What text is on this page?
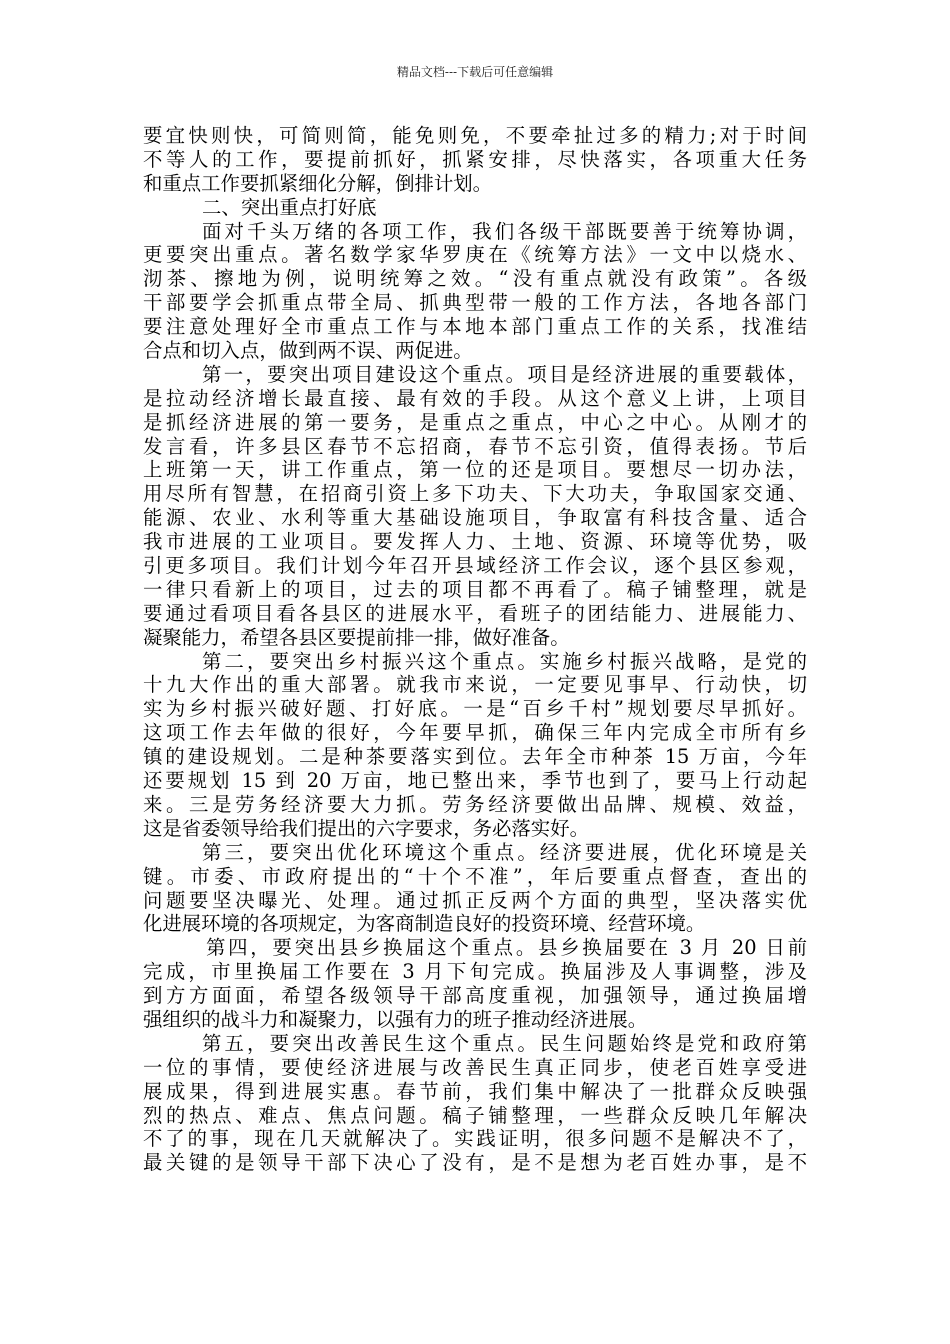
精品文档---下载后可任意编辑
要宜快则快，可简则简，能免则免，不要牵扯过多的精力;对于时间
不等人的工作，要提前抓好，抓紧安排，尽快落实，各项重大任务
和重点工作要抓紧细化分解，倒排计划。
二、突出重点打好底
面对千头万绪的各项工作，我们各级干部既要善于统筹协调，
更要突出重点。著名数学家华罗庚在《统筹方法》一文中以烧水、
沏茶、擦地为例，说明统筹之效。“没有重点就没有政策”。各级
干部要学会抓重点带全局、抓典型带一般的工作方法，各地各部门
要注意处理好全市重点工作与本地本部门重点工作的关系，找准结
合点和切入点，做到两不误、两促进。
第一，要突出项目建设这个重点。项目是经济进展的重要载体，
是拉动经济增长最直接、最有效的手段。从这个意义上讲，上项目
是抓经济进展的第一要务，是重点之重点，中心之中心。从刚才的
发言看，许多县区春节不忘招商，春节不忘引资，值得表扬。节后
上班第一天，讲工作重点，第一位的还是项目。要想尽一切办法，
用尽所有智慧，在招商引资上多下功夫、下大功夫，争取国家交通、
能源、农业、水利等重大基础设施项目，争取富有科技含量、适合
我市进展的工业项目。要发挥人力、土地、资源、环境等优势，吸
引更多项目。我们计划今年召开县域经济工作会议，逐个县区参观，
一律只看新上的项目，过去的项目都不再看了。稿子铺整理，就是
要通过看项目看各县区的进展水平，看班子的团结能力、进展能力、
凝聚能力，希望各县区要提前排一排，做好准备。
第二，要突出乡村振兴这个重点。实施乡村振兴战略，是党的
十九大作出的重大部署。就我市来说，一定要见事早、行动快，切
实为乡村振兴破好题、打好底。一是“百乡千村”规划要尽早抓好。
这项工作去年做的很好，今年要早抓，确保三年内完成全市所有乡
镇的建设规划。二是种茶要落实到位。去年全市种茶 15 万亩，今年
还要规划 15 到 20 万亩，地已整出来，季节也到了，要马上行动起
来。三是劳务经济要大力抓。劳务经济要做出品牌、规模、效益，
这是省委领导给我们提出的六字要求，务必落实好。
第三，要突出优化环境这个重点。经济要进展，优化环境是关
键。市委、市政府提出的“十个不准”，年后要重点督查，查出的
问题要坚决曝光、处理。通过抓正反两个方面的典型，坚决落实优
化进展环境的各项规定，为客商制造良好的投资环境、经营环境。
第四，要突出县乡换届这个重点。县乡换届要在 3 月 20 日前
完成，市里换届工作要在 3 月下旬完成。换届涉及人事调整，涉及
到方方面面，希望各级领导干部高度重视，加强领导，通过换届增
强组织的战斗力和凝聚力，以强有力的班子推动经济进展。
第五，要突出改善民生这个重点。民生问题始终是党和政府第
一位的事情，要使经济进展与改善民生真正同步，使老百姓享受进
展成果，得到进展实惠。春节前，我们集中解决了一批群众反映强
烈的热点、难点、焦点问题。稿子铺整理，一些群众反映几年解决
不了的事，现在几天就解决了。实践证明，很多问题不是解决不了，
最关键的是领导干部下决心了没有，是不是想为老百姓办事，是不
